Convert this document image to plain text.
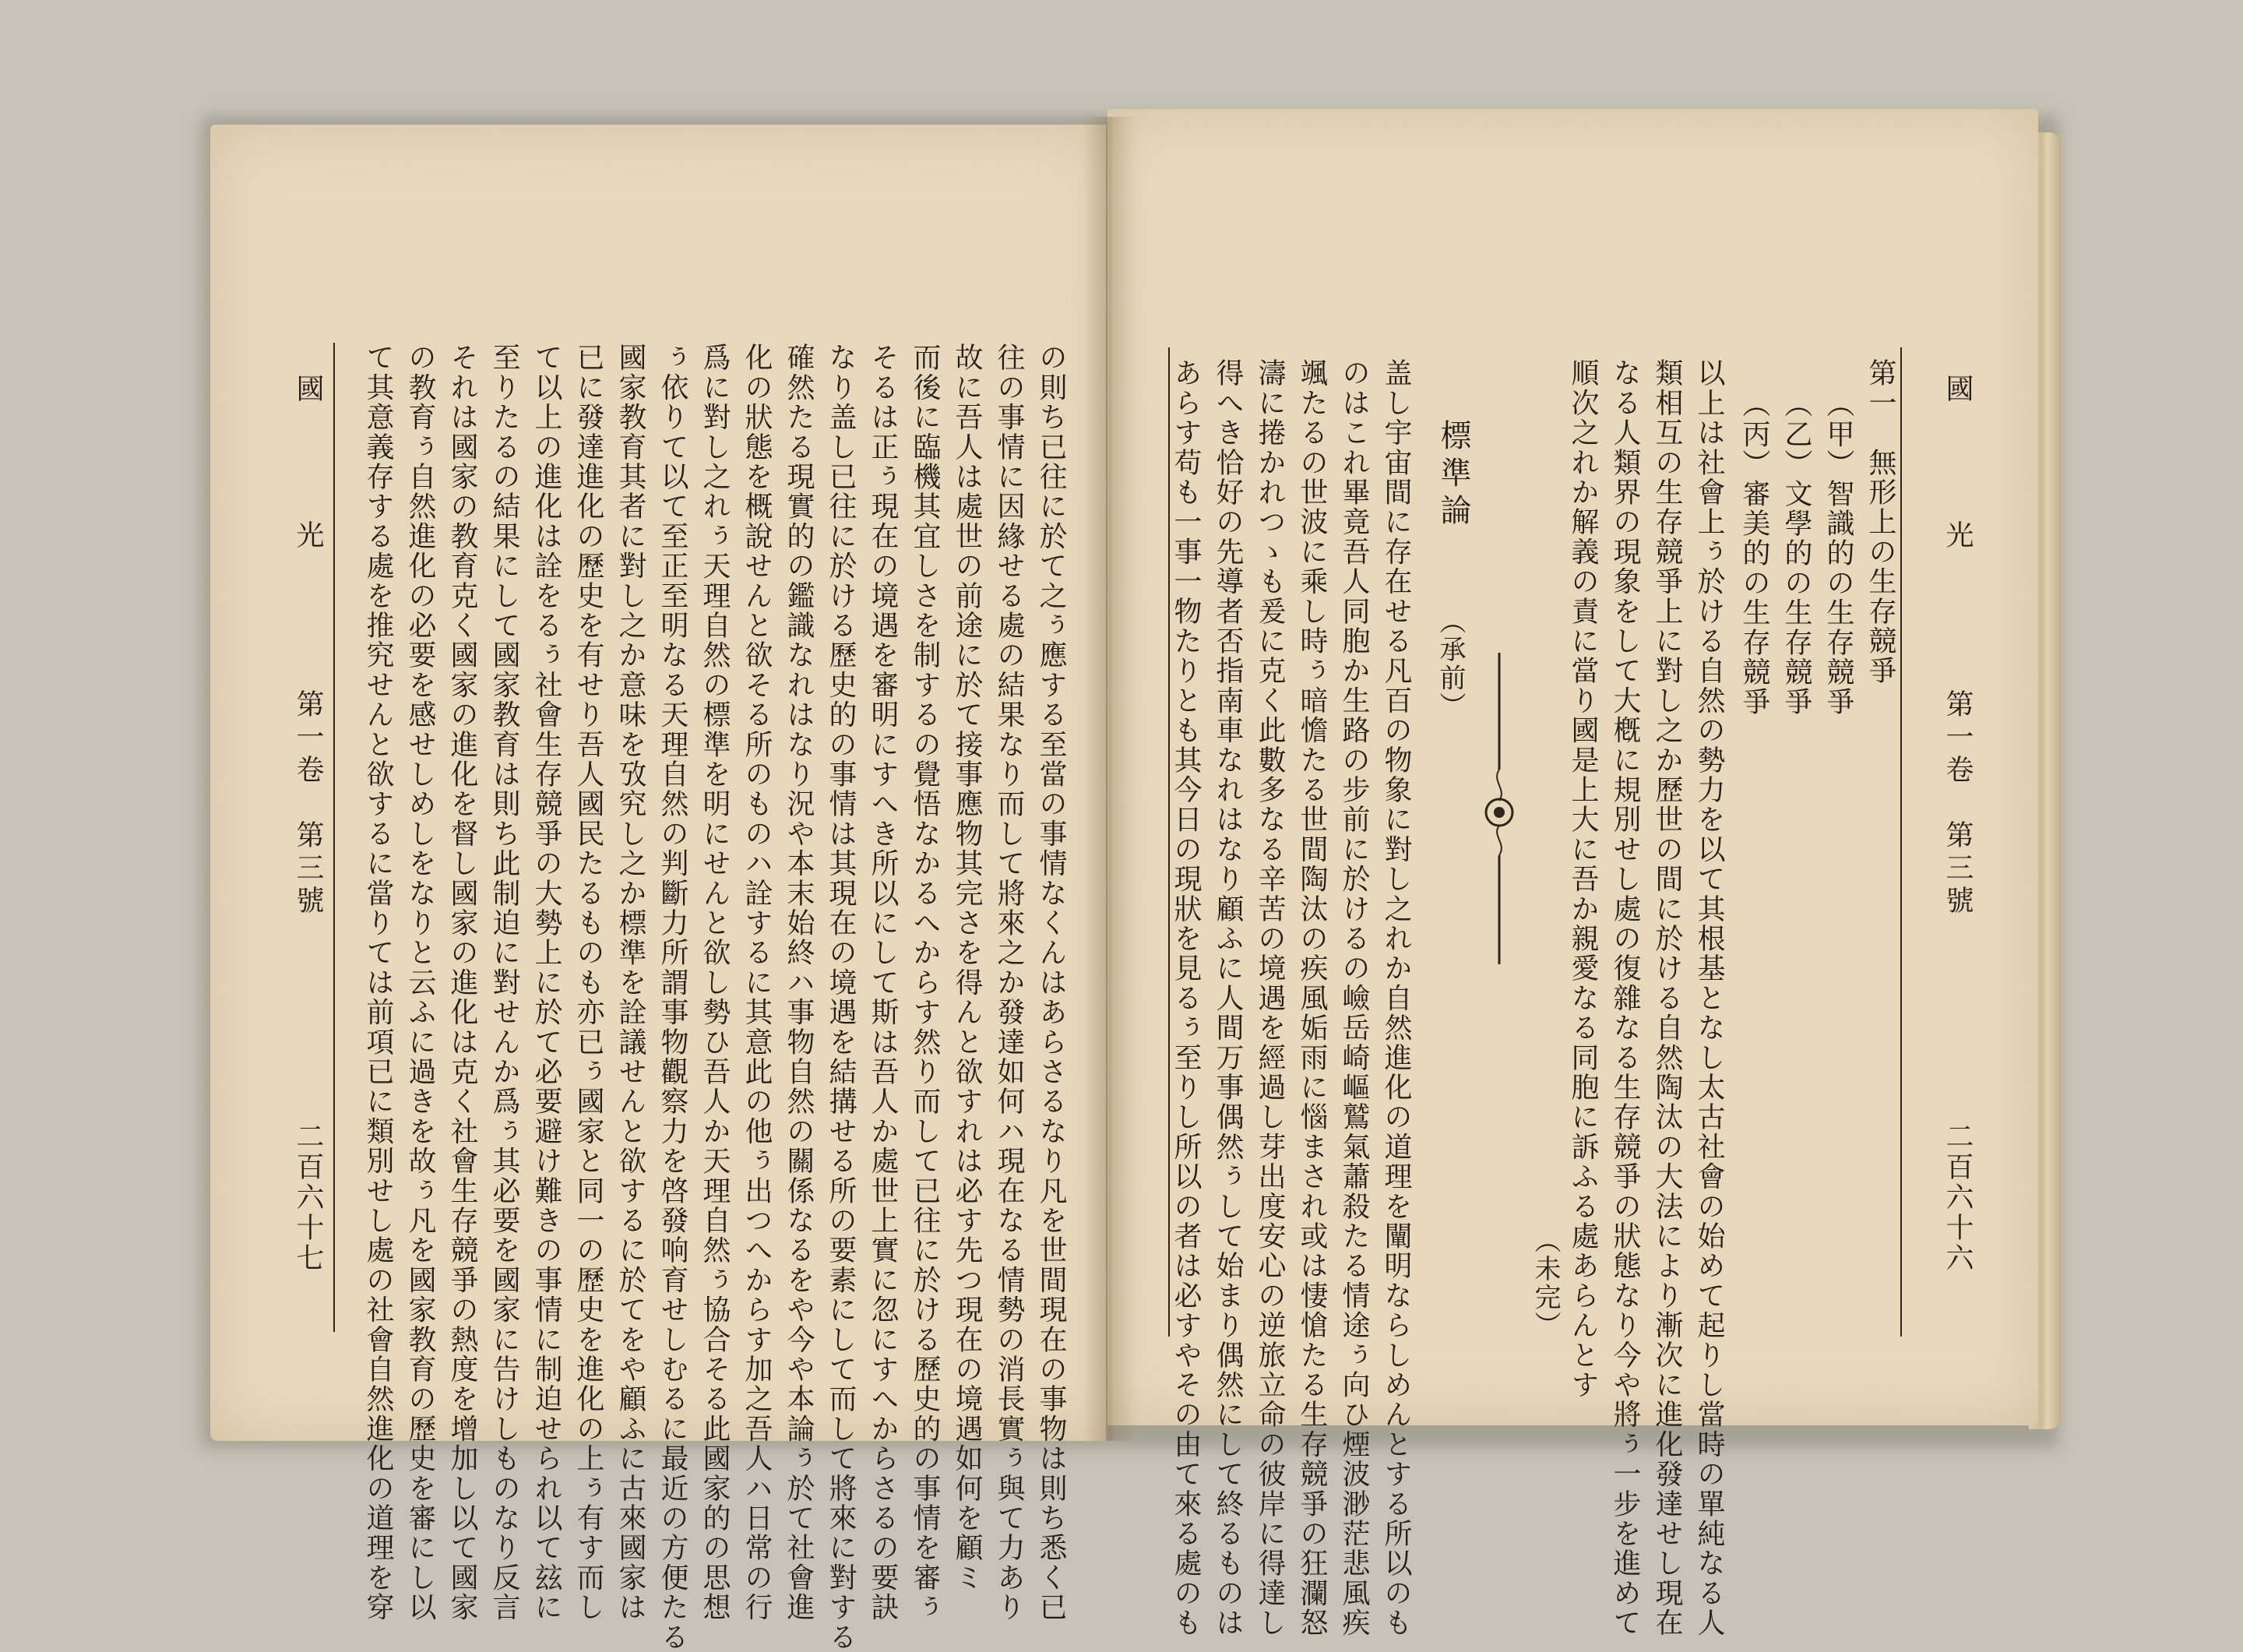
國　光
第一卷　第三號
二百六十六
第一　無形上の生存競爭
（甲）智識的の生存競爭
（乙）文學的の生存競爭
（丙）審美的の生存競爭
以上は社會上ぅ於ける自然の勢力を以て其根基となし太古社會の始めて起りし當時の單純なる人
類相互の生存競爭上に對し之か歷世の間に於ける自然陶汰の大法により漸次に進化發達せし現在
なる人類界の現象をして大槪に規別せし處の復雜なる生存競爭の狀態なり今や將ぅ一步を進めて
順次之れか解義の責に當り國是上大に吾か親愛なる同胞に訴ふる處あらんとす
（未完）
標準論
（承前）
盖し宇宙間に存在せる凡百の物象に對し之れか自然進化の道理を闡明ならしめんとする所以のも
のはこれ畢竟吾人同胞か生路の步前に於けるの嶮岳崎嶇鷲氣蕭殺たる情途ぅ向ひ煙波渺茫悲風疾
颯たるの世波に乘し時ぅ暗憺たる世間陶汰の疾風姤雨に惱まされ或は悽愴たる生存競爭の狂瀾怒
濤に捲かれつゝも爰に克く此數多なる辛苦の境遇を經過し芽出度安心の逆旅立命の彼岸に得達し
得へき恰好の先導者否指南車なれはなり顧ふに人間万事偶然ぅして始まり偶然にして終るものは
あらす苟も一事一物たりとも其今日の現狀を見るぅ至りし所以の者は必すやその由て來る處のも
國　光
第一卷　第三號
二百六十七	の則ち已往に於て之ぅ應する至當の事情なくんはあらさるなり凡を世間現在の事物は則ち悉く已
往の事情に因緣せる處の結果なり而して將來之か發達如何ハ現在なる情勢の消長實ぅ與て力あり
故に吾人は處世の前途に於て接事應物其完さを得んと欲すれは必す先つ現在の境遇如何を顧ミ
而後に臨機其宜しさを制するの覺悟なかるへからす然り而して已往に於ける歷史的の事情を審ぅ
そるは正ぅ現在の境遇を審明にすへき所以にして斯は吾人か處世上實に忽にすへからさるの要訣
なり盖し已往に於ける歷史的の事情は其現在の境遇を結搆せる所の要素にして而して將來に對する
確然たる現實的の鑑識なれはなり況や本末始終ハ事物自然の關係なるをや今や本論ぅ於て社會進
化の狀態を概說せんと欲そる所のものハ詮するに其意此の他ぅ出つへからす加之吾人ハ日常の行
爲に對し之れぅ天理自然の標準を明にせんと欲し勢ひ吾人か天理自然ぅ協合そる此國家的の思想
ぅ依りて以て至正至明なる天理自然の判斷力所謂事物觀察力を啓發响育せしむるに最近の方便たる
國家教育其者に對し之か意味を攷究し之か標準を詮議せんと欲するに於てをや顧ふに古來國家は
已に發達進化の歷史を有せり吾人國民たるものも亦已ぅ國家と同一の歷史を進化の上ぅ有す而し
て以上の進化は詮をるぅ社會生存競爭の大勢上に於て必要避け難きの事情に制迫せられ以て玆に
至りたるの結果にして國家教育は則ち此制迫に對せんか爲ぅ其必要を國家に告けしものなり反言
それは國家の教育克く國家の進化を督し國家の進化は克く社會生存競爭の熱度を增加し以て國家
の教育ぅ自然進化の必要を感せしめしをなりと云ふに過きを故ぅ凡を國家教育の歷史を審にし以
て其意義存する處を推究せんと欲するに當りては前項已に類別せし處の社會自然進化の道理を穿
